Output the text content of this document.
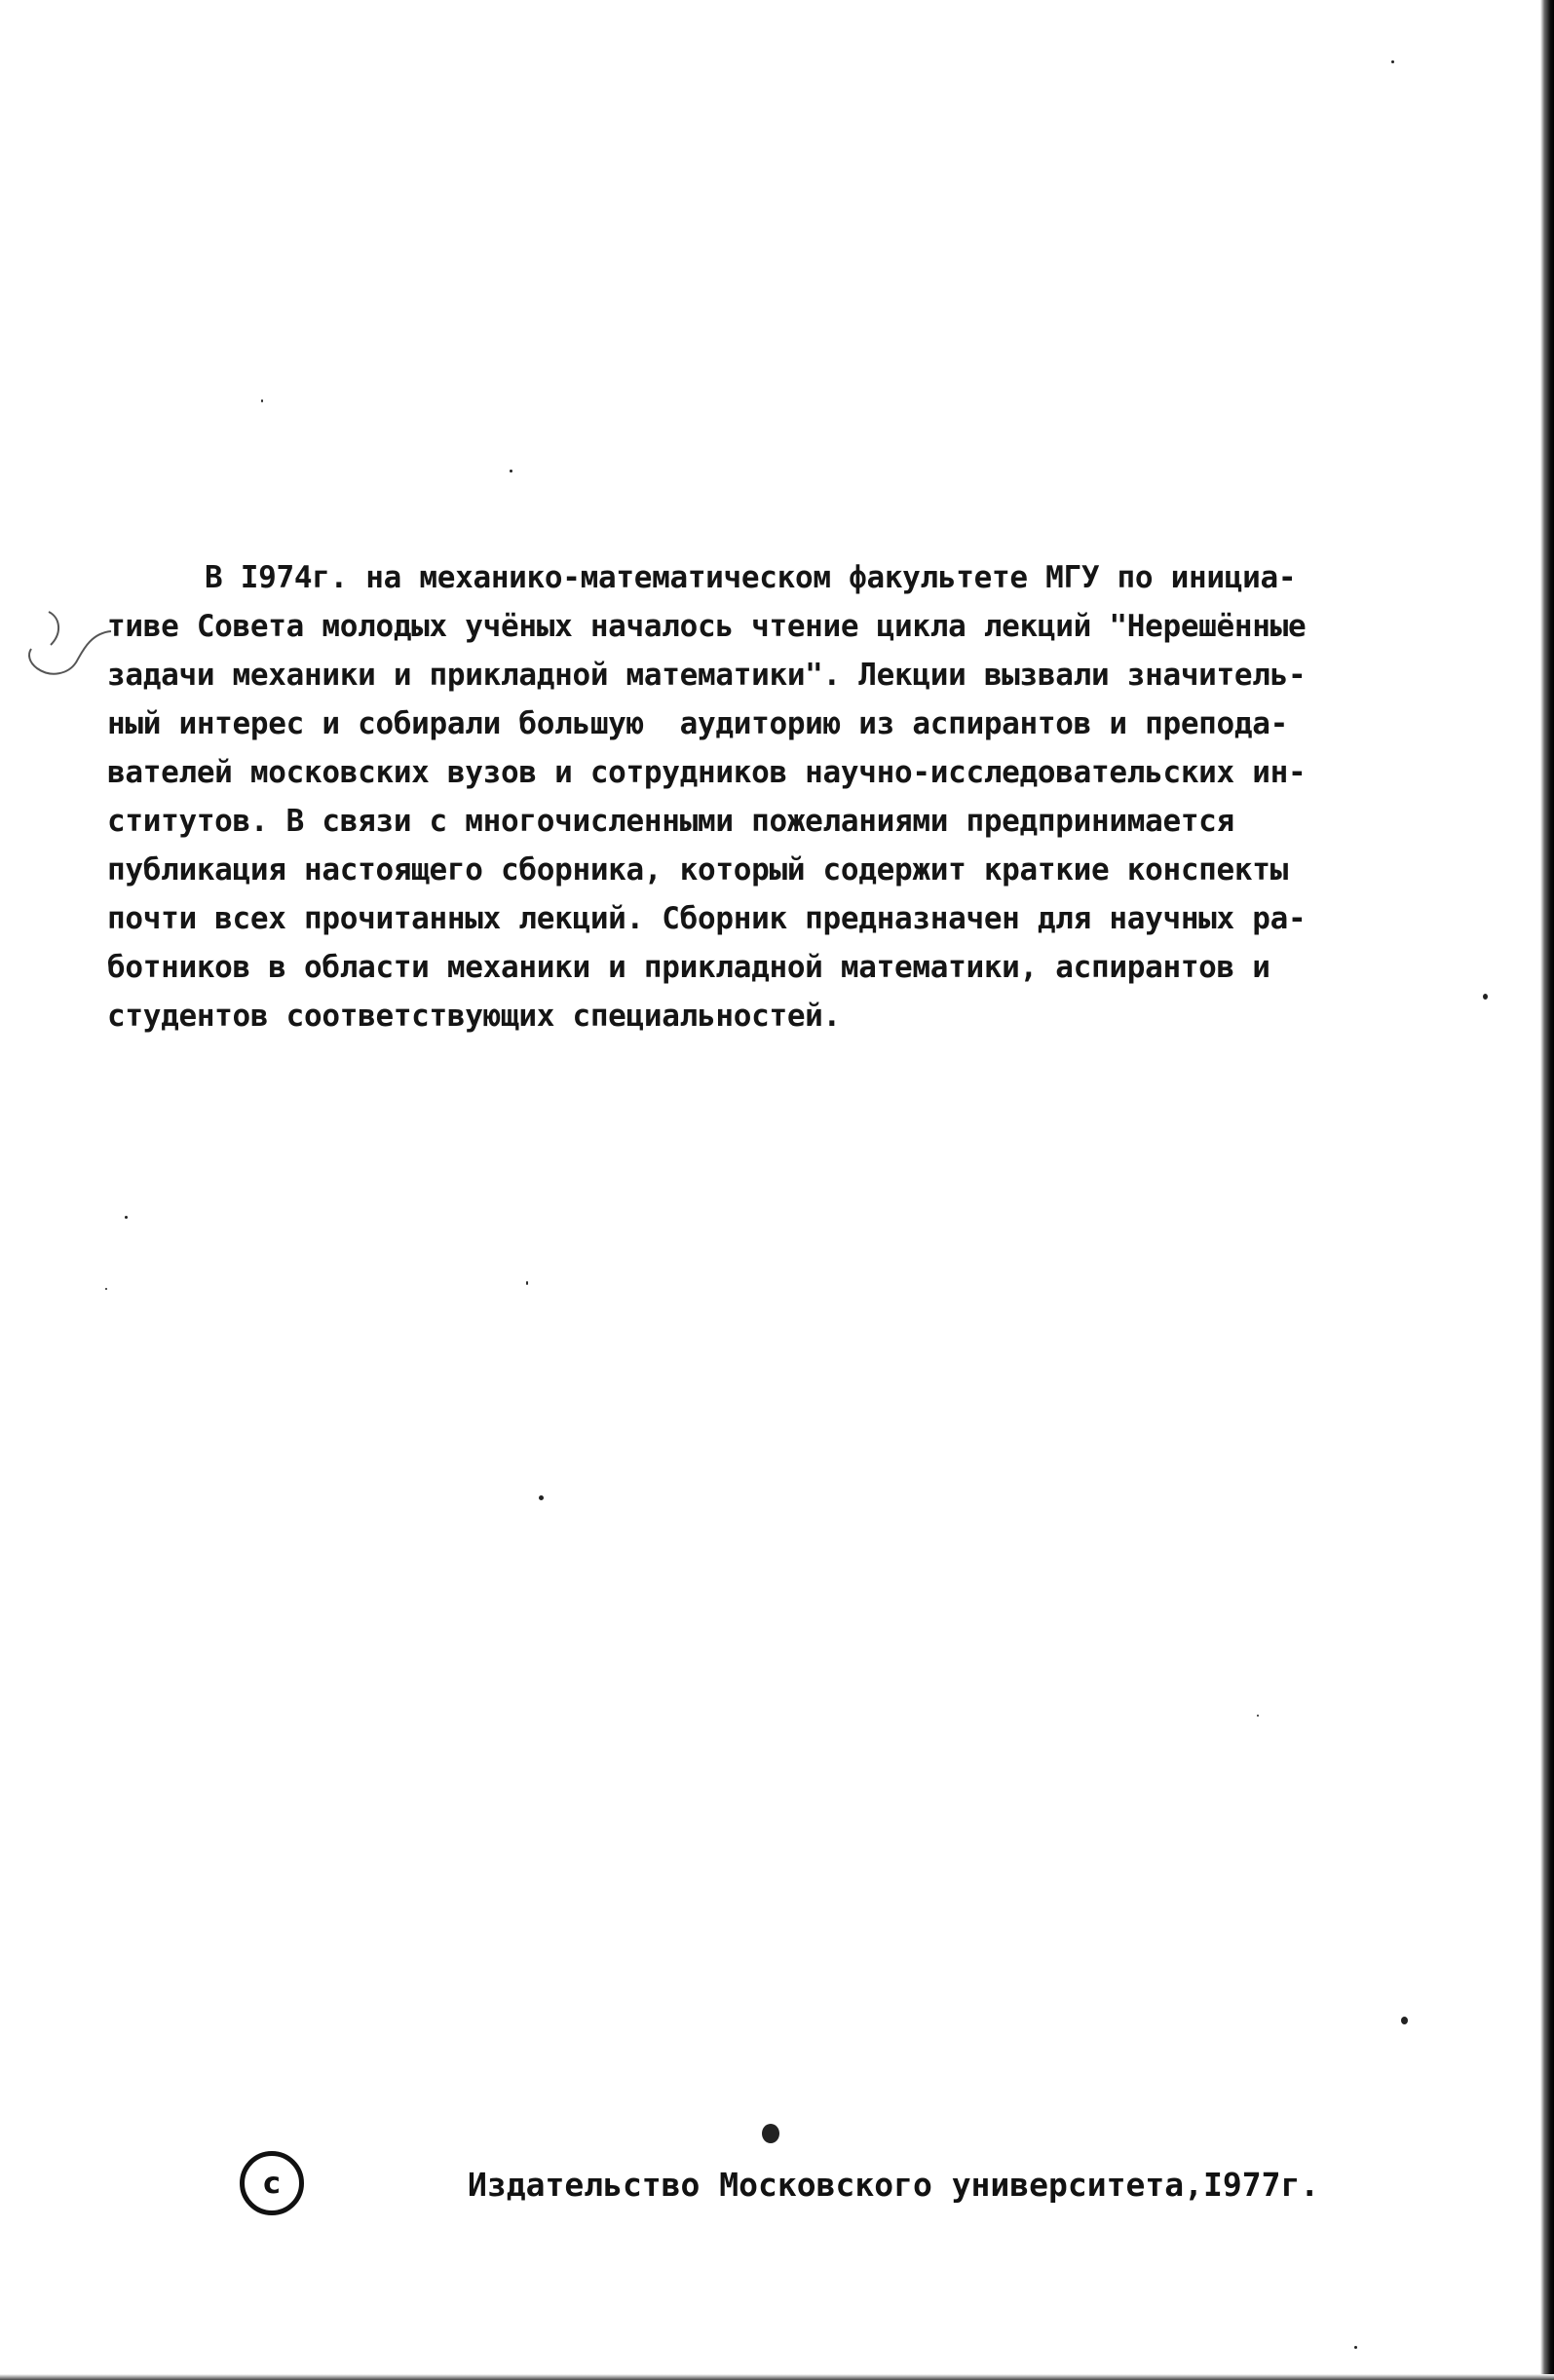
В I974г. на механико-математическом факультете МГУ по инициа-
тиве Совета молодых учёных началось чтение цикла лекций "Нерешённые
задачи механики и прикладной математики". Лекции вызвали значитель-
ный интерес и собирали большую  аудиторию из аспирантов и препода-
вателей московских вузов и сотрудников научно-исследовательских ин-
ститутов. В связи с многочисленными пожеланиями предпринимается
публикация настоящего сборника, который содержит краткие конспекты
почти всех прочитанных лекций. Сборник предназначен для научных ра-
ботников в области механики и прикладной математики, аспирантов и
студентов соответствующих специальностей.
c	Издательство Московского университета,I977г.
